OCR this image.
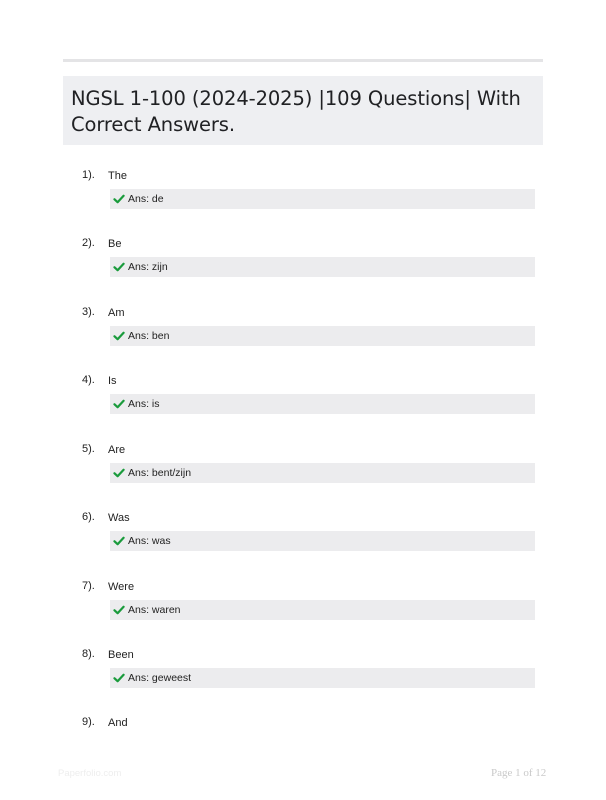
NGSL 1-100 (2024-2025) |109 Questions| With Correct Answers.
1). The
Ans: de
2). Be
Ans: zijn
3). Am
Ans: ben
4). Is
Ans: is
5). Are
Ans: bent/zijn
6). Was
Ans: was
7). Were
Ans: waren
8). Been
Ans: geweest
9). And
Paperfolio.com	Page 1 of 12
